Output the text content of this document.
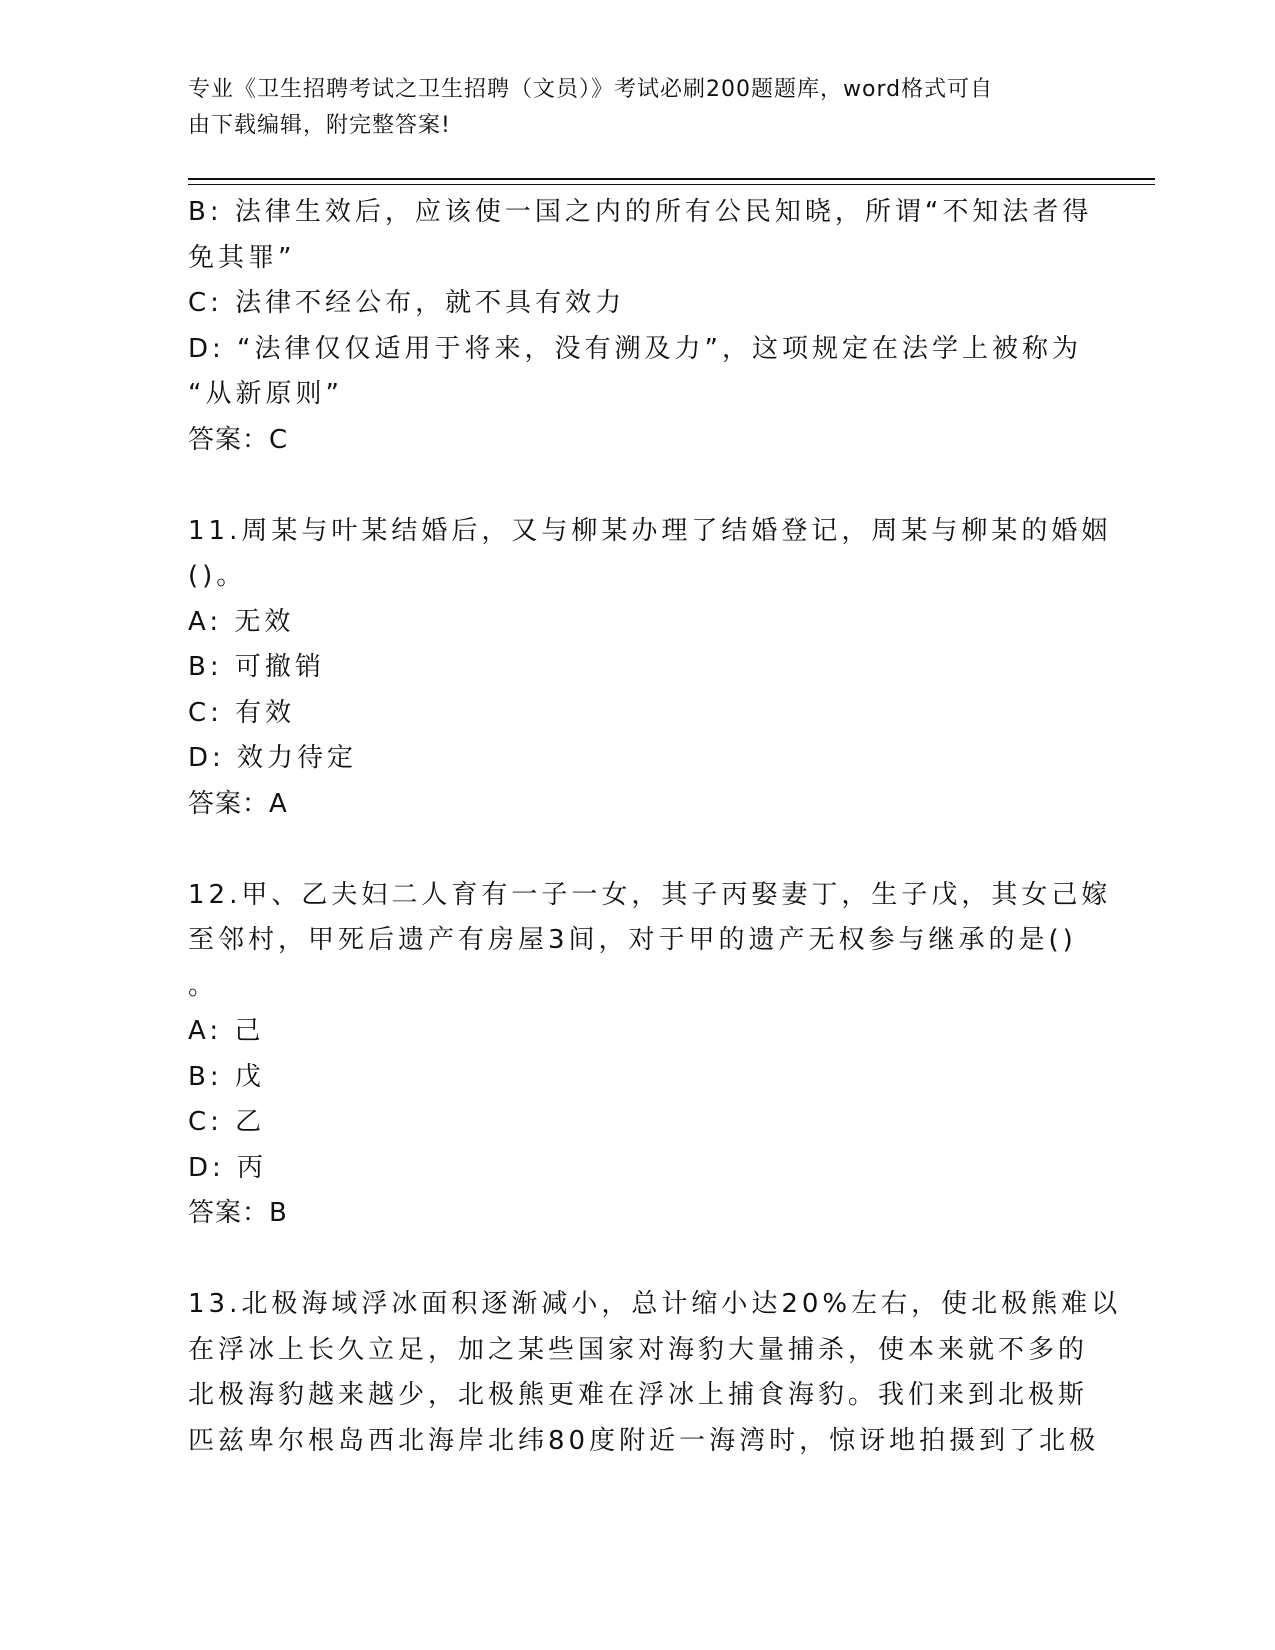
专业《卫生招聘考试之卫生招聘（文员）》考试必刷200题题库，word格式可自
由下载编辑，附完整答案!
B: 法律生效后，应该使一国之内的所有公民知晓，所谓“不知法者得
免其罪”
C: 法律不经公布，就不具有效力
D: “法律仅仅适用于将来，没有溯及力”，这项规定在法学上被称为
“从新原则”
答案：C
11.周某与叶某结婚后，又与柳某办理了结婚登记，周某与柳某的婚姻
()。
A: 无效
B: 可撤销
C: 有效
D: 效力待定
答案：A
12.甲、乙夫妇二人育有一子一女，其子丙娶妻丁，生子戊，其女己嫁
至邻村，甲死后遗产有房屋3间，对于甲的遗产无权参与继承的是()
。
A: 己
B: 戊
C: 乙
D: 丙
答案：B
13.北极海域浮冰面积逐渐减小，总计缩小达20%左右，使北极熊难以
在浮冰上长久立足，加之某些国家对海豹大量捕杀，使本来就不多的
北极海豹越来越少，北极熊更难在浮冰上捕食海豹。我们来到北极斯
匹兹卑尔根岛西北海岸北纬80度附近一海湾时，惊讶地拍摄到了北极
